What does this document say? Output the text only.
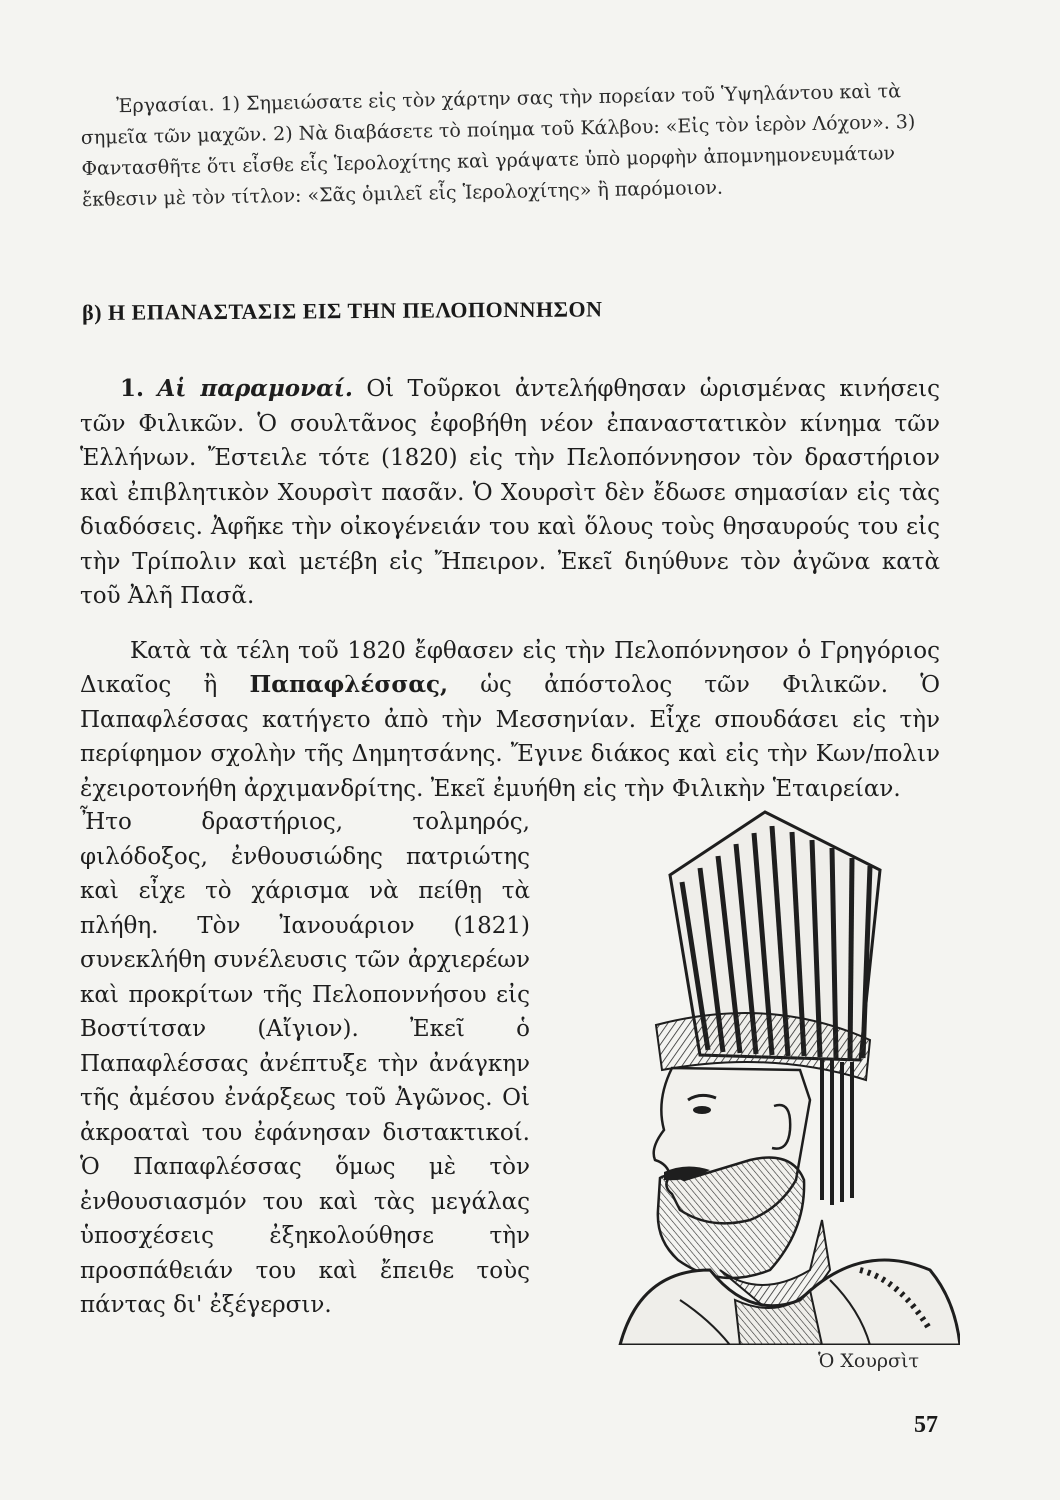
Ἐργασίαι. 1) Σημειώσατε εἰς τὸν χάρτην σας τὴν πορείαν τοῦ Ὑψηλάντου καὶ τὰ σημεῖα τῶν μαχῶν. 2) Νὰ διαβάσετε τὸ ποίημα τοῦ Κάλβου: «Εἰς τὸν ἱερὸν Λόχον». 3) Φαντασθῆτε ὅτι εἶσθε εἷς Ἱερολοχίτης καὶ γράψατε ὑπὸ μορφὴν ἀπομνημονευμάτων ἔκθεσιν μὲ τὸν τίτλον: «Σᾶς ὁμιλεῖ εἷς Ἱερολοχίτης» ἢ παρόμοιον.

β) Η ΕΠΑΝΑΣΤΑΣΙΣ ΕΙΣ ΤΗΝ ΠΕΛΟΠΟΝΝΗΣΟΝ

1. Αἱ παραμοναί. Οἱ Τοῦρκοι ἀντελήφθησαν ὡρισμένας κινήσεις τῶν Φιλικῶν. Ὁ σουλτᾶνος ἐφοβήθη νέον ἐπαναστατικὸν κίνημα τῶν Ἑλλήνων. Ἔστειλε τότε (1820) εἰς τὴν Πελοπόννησον τὸν δραστήριον καὶ ἐπιβλητικὸν Χουρσὶτ πασᾶν. Ὁ Χουρσὶτ δὲν ἔδωσε σημασίαν εἰς τὰς διαδόσεις. Ἀφῆκε τὴν οἰκογένειάν του καὶ ὅλους τοὺς θησαυρούς του εἰς τὴν Τρίπολιν καὶ μετέβη εἰς Ἤπειρον. Ἐκεῖ διηύθυνε τὸν ἀγῶνα κατὰ τοῦ Ἀλῆ Πασᾶ.

Κατὰ τὰ τέλη τοῦ 1820 ἔφθασεν εἰς τὴν Πελοπόννησον ὁ Γρηγόριος Δικαῖος ἢ Παπαφλέσσας, ὡς ἀπόστολος τῶν Φιλικῶν. Ὁ Παπαφλέσσας κατήγετο ἀπὸ τὴν Μεσσηνίαν. Εἶχε σπουδάσει εἰς τὴν περίφημον σχολὴν τῆς Δημητσάνης. Ἔγινε διάκος καὶ εἰς τὴν Κων/πολιν ἐχειροτονήθη ἀρχιμανδρίτης. Ἐκεῖ ἐμυήθη εἰς τὴν Φιλικὴν Ἑταιρείαν.

Ἦτο δραστήριος, τολμηρός, φιλόδοξος, ἐνθουσιώδης πατριώτης καὶ εἶχε τὸ χάρισμα νὰ πείθῃ τὰ πλήθη. Τὸν Ἰανουάριον (1821) συνεκλήθη συνέλευσις τῶν ἀρχιερέων καὶ προκρίτων τῆς Πελοποννήσου εἰς Βοστίτσαν (Αἴγιον). Ἐκεῖ ὁ Παπαφλέσσας ἀνέπτυξε τὴν ἀνάγκην τῆς ἀμέσου ἐνάρξεως τοῦ Ἀγῶνος. Οἱ ἀκροαταὶ του ἐφάνησαν διστακτικοί. Ὁ Παπαφλέσσας ὅμως μὲ τὸν ἐνθουσιασμόν του καὶ τὰς μεγάλας ὑποσχέσεις ἐξηκολούθησε τὴν προσπάθειάν του καὶ ἔπειθε τοὺς πάντας δι' ἐξέγερσιν.

Ὁ Χουρσὶτ
57
